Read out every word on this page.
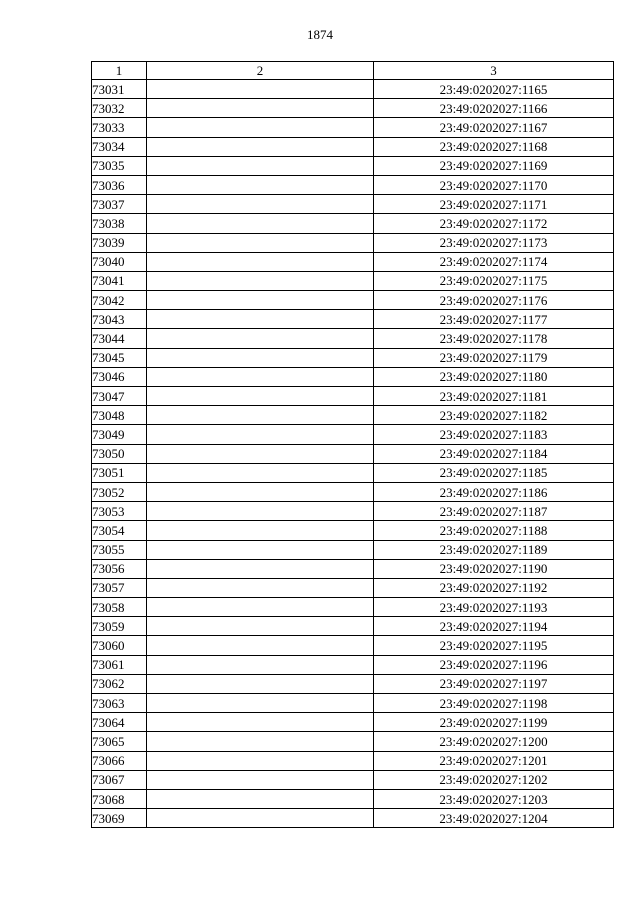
1874
1	2	3
73031		23:49:0202027:1165
73032		23:49:0202027:1166
73033		23:49:0202027:1167
73034		23:49:0202027:1168
73035		23:49:0202027:1169
73036		23:49:0202027:1170
73037		23:49:0202027:1171
73038		23:49:0202027:1172
73039		23:49:0202027:1173
73040		23:49:0202027:1174
73041		23:49:0202027:1175
73042		23:49:0202027:1176
73043		23:49:0202027:1177
73044		23:49:0202027:1178
73045		23:49:0202027:1179
73046		23:49:0202027:1180
73047		23:49:0202027:1181
73048		23:49:0202027:1182
73049		23:49:0202027:1183
73050		23:49:0202027:1184
73051		23:49:0202027:1185
73052		23:49:0202027:1186
73053		23:49:0202027:1187
73054		23:49:0202027:1188
73055		23:49:0202027:1189
73056		23:49:0202027:1190
73057		23:49:0202027:1192
73058		23:49:0202027:1193
73059		23:49:0202027:1194
73060		23:49:0202027:1195
73061		23:49:0202027:1196
73062		23:49:0202027:1197
73063		23:49:0202027:1198
73064		23:49:0202027:1199
73065		23:49:0202027:1200
73066		23:49:0202027:1201
73067		23:49:0202027:1202
73068		23:49:0202027:1203
73069		23:49:0202027:1204
